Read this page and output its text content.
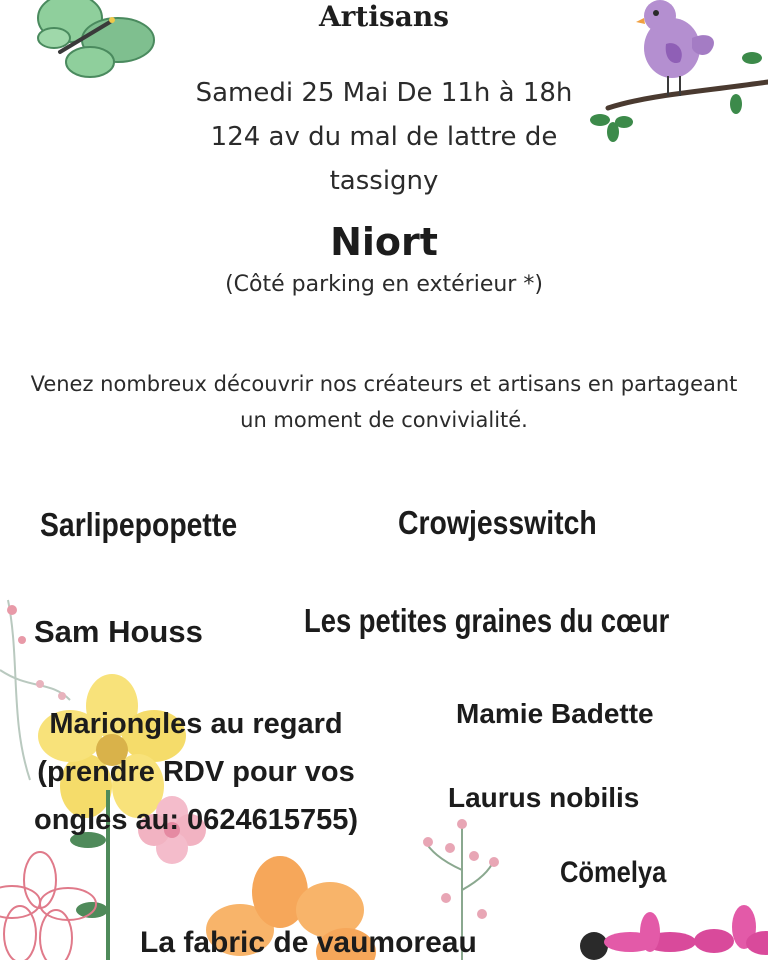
Artisans
Samedi 25 Mai De 11h à 18h
124 av du mal de lattre de
tassigny
Niort
(Côté parking en extérieur *)
Venez nombreux découvrir nos créateurs et artisans en partageant un moment de convivialité.
Sarlipepopette	Crowjesswitch
Sam Houss	Les petites graines du cœur
Mariongles au regard (prendre RDV pour vos ongles au: 0624615755)
Mamie Badette
Laurus nobilis
Cömelya
La fabric de vaumoreau
